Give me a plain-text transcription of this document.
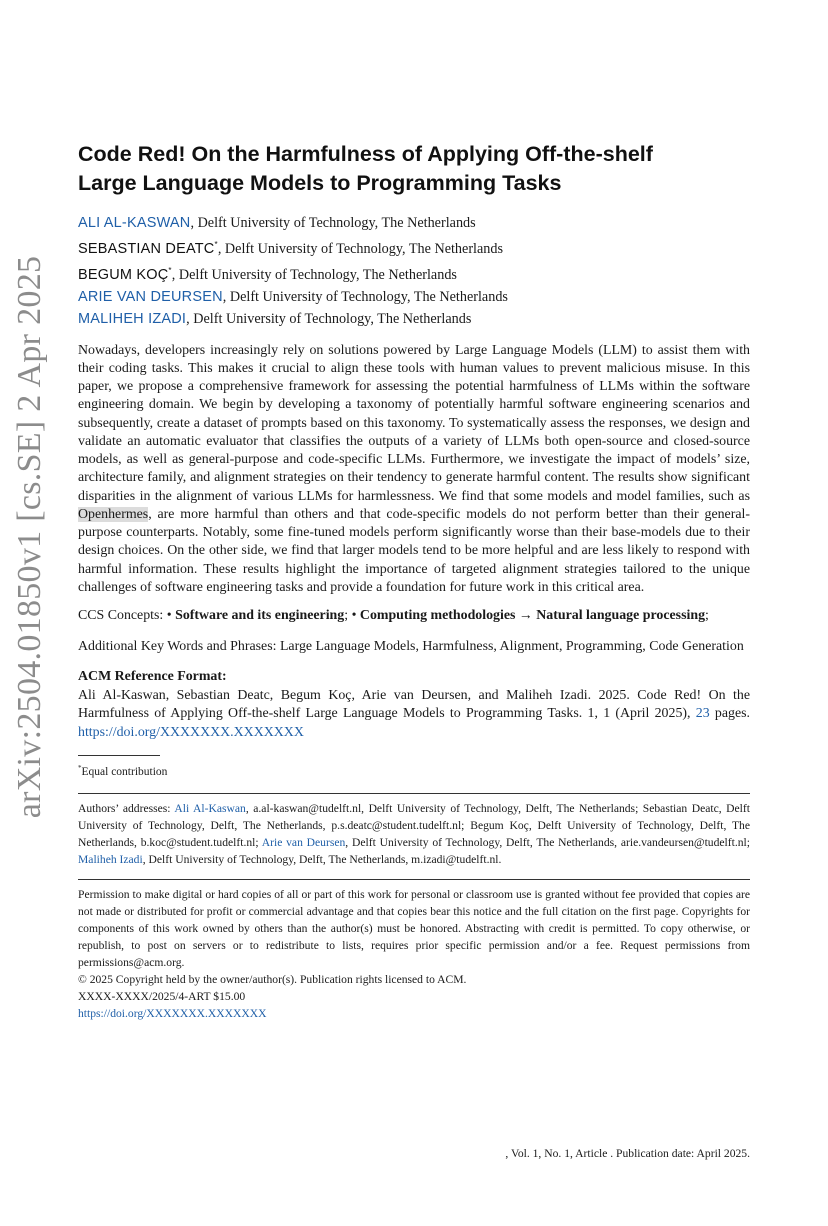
arXiv:2504.01850v1 [cs.SE] 2 Apr 2025
Code Red! On the Harmfulness of Applying Off-the-shelf
Large Language Models to Programming Tasks
ALI AL-KASWAN, Delft University of Technology, The Netherlands
SEBASTIAN DEATC*, Delft University of Technology, The Netherlands
BEGUM KOÇ*, Delft University of Technology, The Netherlands
ARIE VAN DEURSEN, Delft University of Technology, The Netherlands
MALIHEH IZADI, Delft University of Technology, The Netherlands
Nowadays, developers increasingly rely on solutions powered by Large Language Models (LLM) to assist them with their coding tasks. This makes it crucial to align these tools with human values to prevent malicious misuse. In this paper, we propose a comprehensive framework for assessing the potential harmfulness of LLMs within the software engineering domain. We begin by developing a taxonomy of potentially harmful software engineering scenarios and subsequently, create a dataset of prompts based on this taxonomy. To systematically assess the responses, we design and validate an automatic evaluator that classifies the outputs of a variety of LLMs both open-source and closed-source models, as well as general-purpose and code-specific LLMs. Furthermore, we investigate the impact of models’ size, architecture family, and alignment strategies on their tendency to generate harmful content. The results show significant disparities in the alignment of various LLMs for harmlessness. We find that some models and model families, such as Openhermes, are more harmful than others and that code-specific models do not perform better than their general-purpose counterparts. Notably, some fine-tuned models perform significantly worse than their base-models due to their design choices. On the other side, we find that larger models tend to be more helpful and are less likely to respond with harmful information. These results highlight the importance of targeted alignment strategies tailored to the unique challenges of software engineering tasks and provide a foundation for future work in this critical area.
CCS Concepts: • Software and its engineering; • Computing methodologies → Natural language processing;
Additional Key Words and Phrases: Large Language Models, Harmfulness, Alignment, Programming, Code Generation
ACM Reference Format:
Ali Al-Kaswan, Sebastian Deatc, Begum Koç, Arie van Deursen, and Maliheh Izadi. 2025. Code Red! On the Harmfulness of Applying Off-the-shelf Large Language Models to Programming Tasks. 1, 1 (April 2025), 23 pages. https://doi.org/XXXXXXX.XXXXXXX
*Equal contribution
Authors’ addresses: Ali Al-Kaswan, a.al-kaswan@tudelft.nl, Delft University of Technology, Delft, The Netherlands; Sebastian Deatc, Delft University of Technology, Delft, The Netherlands, p.s.deatc@student.tudelft.nl; Begum Koç, Delft University of Technology, Delft, The Netherlands, b.koc@student.tudelft.nl; Arie van Deursen, Delft University of Technology, Delft, The Netherlands, arie.vandeursen@tudelft.nl; Maliheh Izadi, Delft University of Technology, Delft, The Netherlands, m.izadi@tudelft.nl.

Permission to make digital or hard copies of all or part of this work for personal or classroom use is granted without fee provided that copies are not made or distributed for profit or commercial advantage and that copies bear this notice and the full citation on the first page. Copyrights for components of this work owned by others than the author(s) must be honored. Abstracting with credit is permitted. To copy otherwise, or republish, to post on servers or to redistribute to lists, requires prior specific permission and/or a fee. Request permissions from permissions@acm.org.

© 2025 Copyright held by the owner/author(s). Publication rights licensed to ACM.
XXXX-XXXX/2025/4-ART $15.00
https://doi.org/XXXXXXX.XXXXXXX
, Vol. 1, No. 1, Article . Publication date: April 2025.
